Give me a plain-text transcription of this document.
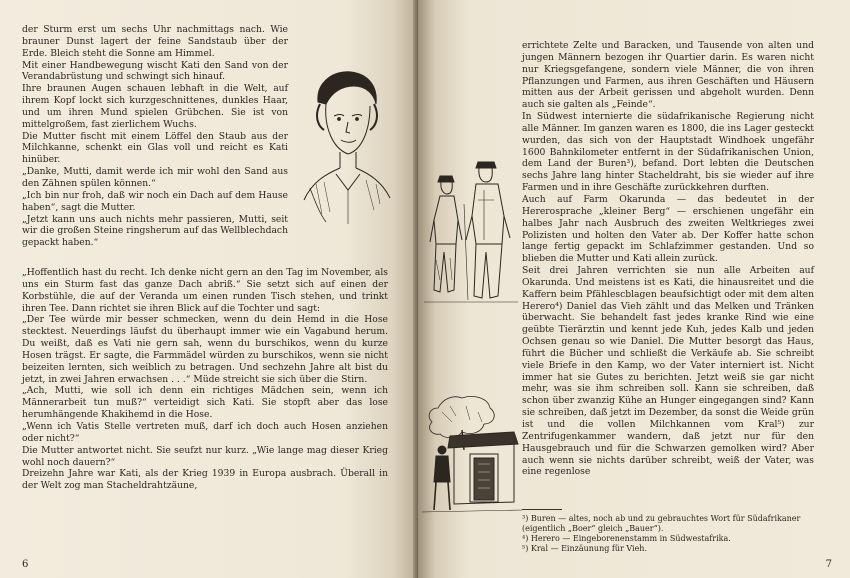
der Sturm erst um sechs Uhr nachmittags nach. Wie brauner Dunst lagert der feine Sandstaub über der Erde. Bleich steht die Sonne am Himmel.

Mit einer Handbewegung wischt Kati den Sand von der Verandabrüstung und schwingt sich hinauf.

Ihre braunen Augen schauen lebhaft in die Welt, auf ihrem Kopf lockt sich kurzgeschnittenes, dunkles Haar, und um ihren Mund spielen Grübchen. Sie ist von mittelgroßem, fast zierlichem Wuchs.

Die Mutter fischt mit einem Löffel den Staub aus der Milchkanne, schenkt ein Glas voll und reicht es Kati hinüber.

„Danke, Mutti, damit werde ich mir wohl den Sand aus den Zähnen spülen können.“

„Ich bin nur froh, daß wir noch ein Dach auf dem Hause haben“, sagt die Mutter.

„Jetzt kann uns auch nichts mehr passieren, Mutti, seit wir die großen Steine ringsherum auf das Wellblechdach gepackt haben.“

„Hoffentlich hast du recht. Ich denke nicht gern an den Tag im November, als uns ein Sturm fast das ganze Dach abriß.“ Sie setzt sich auf einen der Korbstühle, die auf der Veranda um einen runden Tisch stehen, und trinkt ihren Tee. Dann richtet sie ihren Blick auf die Tochter und sagt:

„Der Tee würde mir besser schmecken, wenn du dein Hemd in die Hose stecktest. Neuerdings läufst du überhaupt immer wie ein Vagabund herum. Du weißt, daß es Vati nie gern sah, wenn du burschikos, wenn du kurze Hosen trägst. Er sagte, die Farmmädel würden zu burschikos, wenn sie nicht beizeiten lernten, sich weiblich zu betragen. Und sechzehn Jahre alt bist du jetzt, in zwei Jahren erwachsen . . .“ Müde streicht sie sich über die Stirn.

„Ach, Mutti, wie soll ich denn ein richtiges Mädchen sein, wenn ich Männerarbeit tun muß?“ verteidigt sich Kati. Sie stopft aber das lose herumhängende Khakihemd in die Hose.

„Wenn ich Vatis Stelle vertreten muß, darf ich doch auch Hosen anziehen oder nicht?“

Die Mutter antwortet nicht. Sie seufzt nur kurz. „Wie lange mag dieser Krieg wohl noch dauern?“

Dreizehn Jahre war Kati, als der Krieg 1939 in Europa ausbrach. Überall in der Welt zog man Stacheldrahtzäune,

6

errichtete Zelte und Baracken, und Tausende von alten und jungen Männern bezogen ihr Quartier darin. Es waren nicht nur Kriegsgefangene, sondern viele Männer, die von ihren Pflanzungen und Farmen, aus ihren Geschäften und Häusern mitten aus der Arbeit gerissen und abgeholt wurden. Denn auch sie galten als „Feinde“.

In Südwest internierte die südafrikanische Regierung nicht alle Männer. Im ganzen waren es 1800, die ins Lager gesteckt wurden, das sich von der Hauptstadt Windhoek ungefähr 1600 Bahnkilometer entfernt in der Südafrikanischen Union, dem Land der Buren³), befand. Dort lebten die Deutschen sechs Jahre lang hinter Stacheldraht, bis sie wieder auf ihre Farmen und in ihre Geschäfte zurückkehren durften.

Auch auf Farm Okarunda — das bedeutet in der Hererosprache „kleiner Berg“ — erschienen ungefähr ein halbes Jahr nach Ausbruch des zweiten Weltkrieges zwei Polizisten und holten den Vater ab. Der Koffer hatte schon lange fertig gepackt im Schlafzimmer gestanden. Und so blieben die Mutter und Kati allein zurück.

Seit drei Jahren verrichten sie nun alle Arbeiten auf Okarunda. Und meistens ist es Kati, die hinausreitet und die Kaffern beim Pfählescblagen beaufsichtigt oder mit dem alten Herero⁴) Daniel das Vieh zählt und das Melken und Tränken überwacht. Sie behandelt fast jedes kranke Rind wie eine geübte Tierärztin und kennt jede Kuh, jedes Kalb und jeden Ochsen genau so wie Daniel. Die Mutter besorgt das Haus, führt die Bücher und schließt die Verkäufe ab. Sie schreibt viele Briefe in den Kamp, wo der Vater interniert ist. Nicht immer hat sie Gutes zu berichten. Jetzt weiß sie gar nicht mehr, was sie ihm schreiben soll. Kann sie schreiben, daß schon über zwanzig Kühe an Hunger eingegangen sind? Kann sie schreiben, daß jetzt im Dezember, da sonst die Weide grün ist und die vollen Milchkannen vom Kral⁵) zur Zentrifugenkammer wandern, daß jetzt nur für den Hausgebrauch und für die Schwarzen gemolken wird? Aber auch wenn sie nichts darüber schreibt, weiß der Vater, was eine regenlose

³) Buren — altes, noch ab und zu gebrauchtes Wort für Südafrikaner (eigentlich „Boer“ gleich „Bauer“).

⁴) Herero — Eingeborenenstamm in Südwestafrika.

⁵) Kral — Einzäunung für Vieh.

7
